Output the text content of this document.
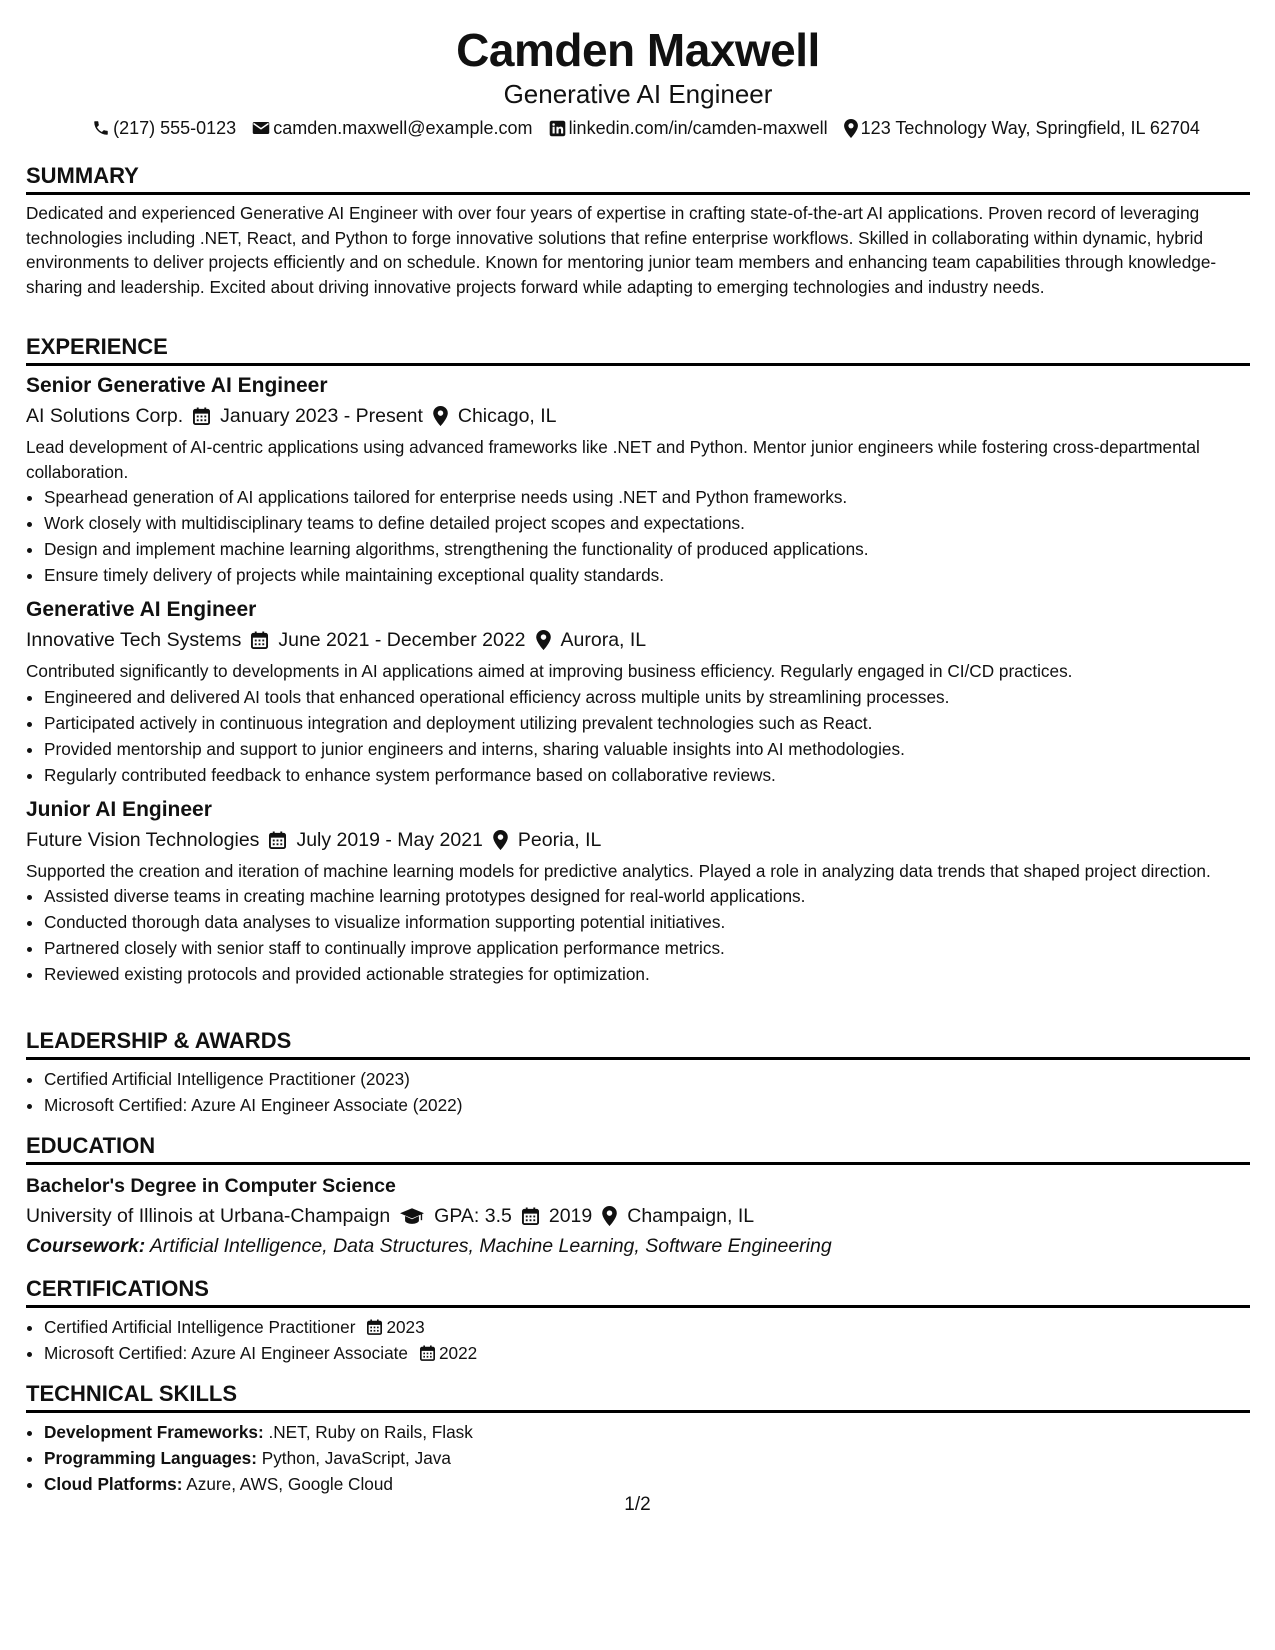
Camden Maxwell
Generative AI Engineer
(217) 555-0123 camden.maxwell@example.com linkedin.com/in/camden-maxwell 123 Technology Way, Springfield, IL 62704
SUMMARY

Dedicated and experienced Generative AI Engineer with over four years of expertise in crafting state-of-the-art AI applications. Proven record of leveraging technologies including .NET, React, and Python to forge innovative solutions that refine enterprise workflows. Skilled in collaborating within dynamic, hybrid environments to deliver projects efficiently and on schedule. Known for mentoring junior team members and enhancing team capabilities through knowledge-sharing and leadership. Excited about driving innovative projects forward while adapting to emerging technologies and industry needs.

EXPERIENCE
Senior Generative AI Engineer
AI Solutions Corp. January 2023 - Present Chicago, IL

Lead development of AI-centric applications using advanced frameworks like .NET and Python. Mentor junior engineers while fostering cross-departmental collaboration.

• Spearhead generation of AI applications tailored for enterprise needs using .NET and Python frameworks.
• Work closely with multidisciplinary teams to define detailed project scopes and expectations.
• Design and implement machine learning algorithms, strengthening the functionality of produced applications.
• Ensure timely delivery of projects while maintaining exceptional quality standards.
Generative AI Engineer
Innovative Tech Systems June 2021 - December 2022 Aurora, IL

Contributed significantly to developments in AI applications aimed at improving business efficiency. Regularly engaged in CI/CD practices.

• Engineered and delivered AI tools that enhanced operational efficiency across multiple units by streamlining processes.
• Participated actively in continuous integration and deployment utilizing prevalent technologies such as React.
• Provided mentorship and support to junior engineers and interns, sharing valuable insights into AI methodologies.
• Regularly contributed feedback to enhance system performance based on collaborative reviews.
Junior AI Engineer
Future Vision Technologies July 2019 - May 2021 Peoria, IL

Supported the creation and iteration of machine learning models for predictive analytics. Played a role in analyzing data trends that shaped project direction.

• Assisted diverse teams in creating machine learning prototypes designed for real-world applications.
• Conducted thorough data analyses to visualize information supporting potential initiatives.
• Partnered closely with senior staff to continually improve application performance metrics.
• Reviewed existing protocols and provided actionable strategies for optimization.
LEADERSHIP & AWARDS
• Certified Artificial Intelligence Practitioner (2023)
• Microsoft Certified: Azure AI Engineer Associate (2022)
EDUCATION
Bachelor's Degree in Computer Science
University of Illinois at Urbana-Champaign GPA: 3.5 2019 Champaign, IL
Coursework: Artificial Intelligence, Data Structures, Machine Learning, Software Engineering
CERTIFICATIONS
• Certified Artificial Intelligence Practitioner 2023
• Microsoft Certified: Azure AI Engineer Associate 2022
TECHNICAL SKILLS
• Development Frameworks: .NET, Ruby on Rails, Flask
• Programming Languages: Python, JavaScript, Java
• Cloud Platforms: Azure, AWS, Google Cloud
1/2
